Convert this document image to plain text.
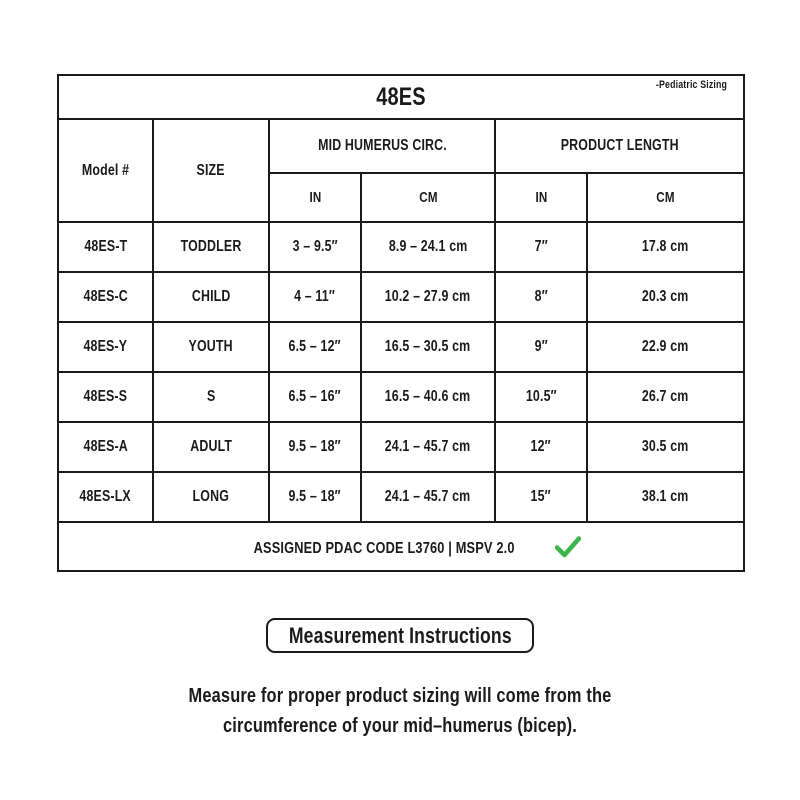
48ES -Pediatric Sizing					

Model #	SIZE	MID HUMERUS CIRC.		PRODUCT LENGTH	
		IN	CM	IN	CM
48ES-T	TODDLER	3 – 9.5″	8.9 – 24.1 cm	7″	17.8 cm
48ES-C	CHILD	4 – 11″	10.2 – 27.9 cm	8″	20.3 cm
48ES-Y	YOUTH	6.5 – 12″	16.5 – 30.5 cm	9″	22.9 cm
48ES-S	S	6.5 – 16″	16.5 – 40.6 cm	10.5″	26.7 cm
48ES-A	ADULT	9.5 – 18″	24.1 – 45.7 cm	12″	30.5 cm
48ES-LX	LONG	9.5 – 18″	24.1 – 45.7 cm	15″	38.1 cm
ASSIGNED PDAC CODE L3760 | MSPV 2.0					
Measurement Instructions
Measure for proper product sizing will come from the
circumference of your mid–humerus (bicep).
